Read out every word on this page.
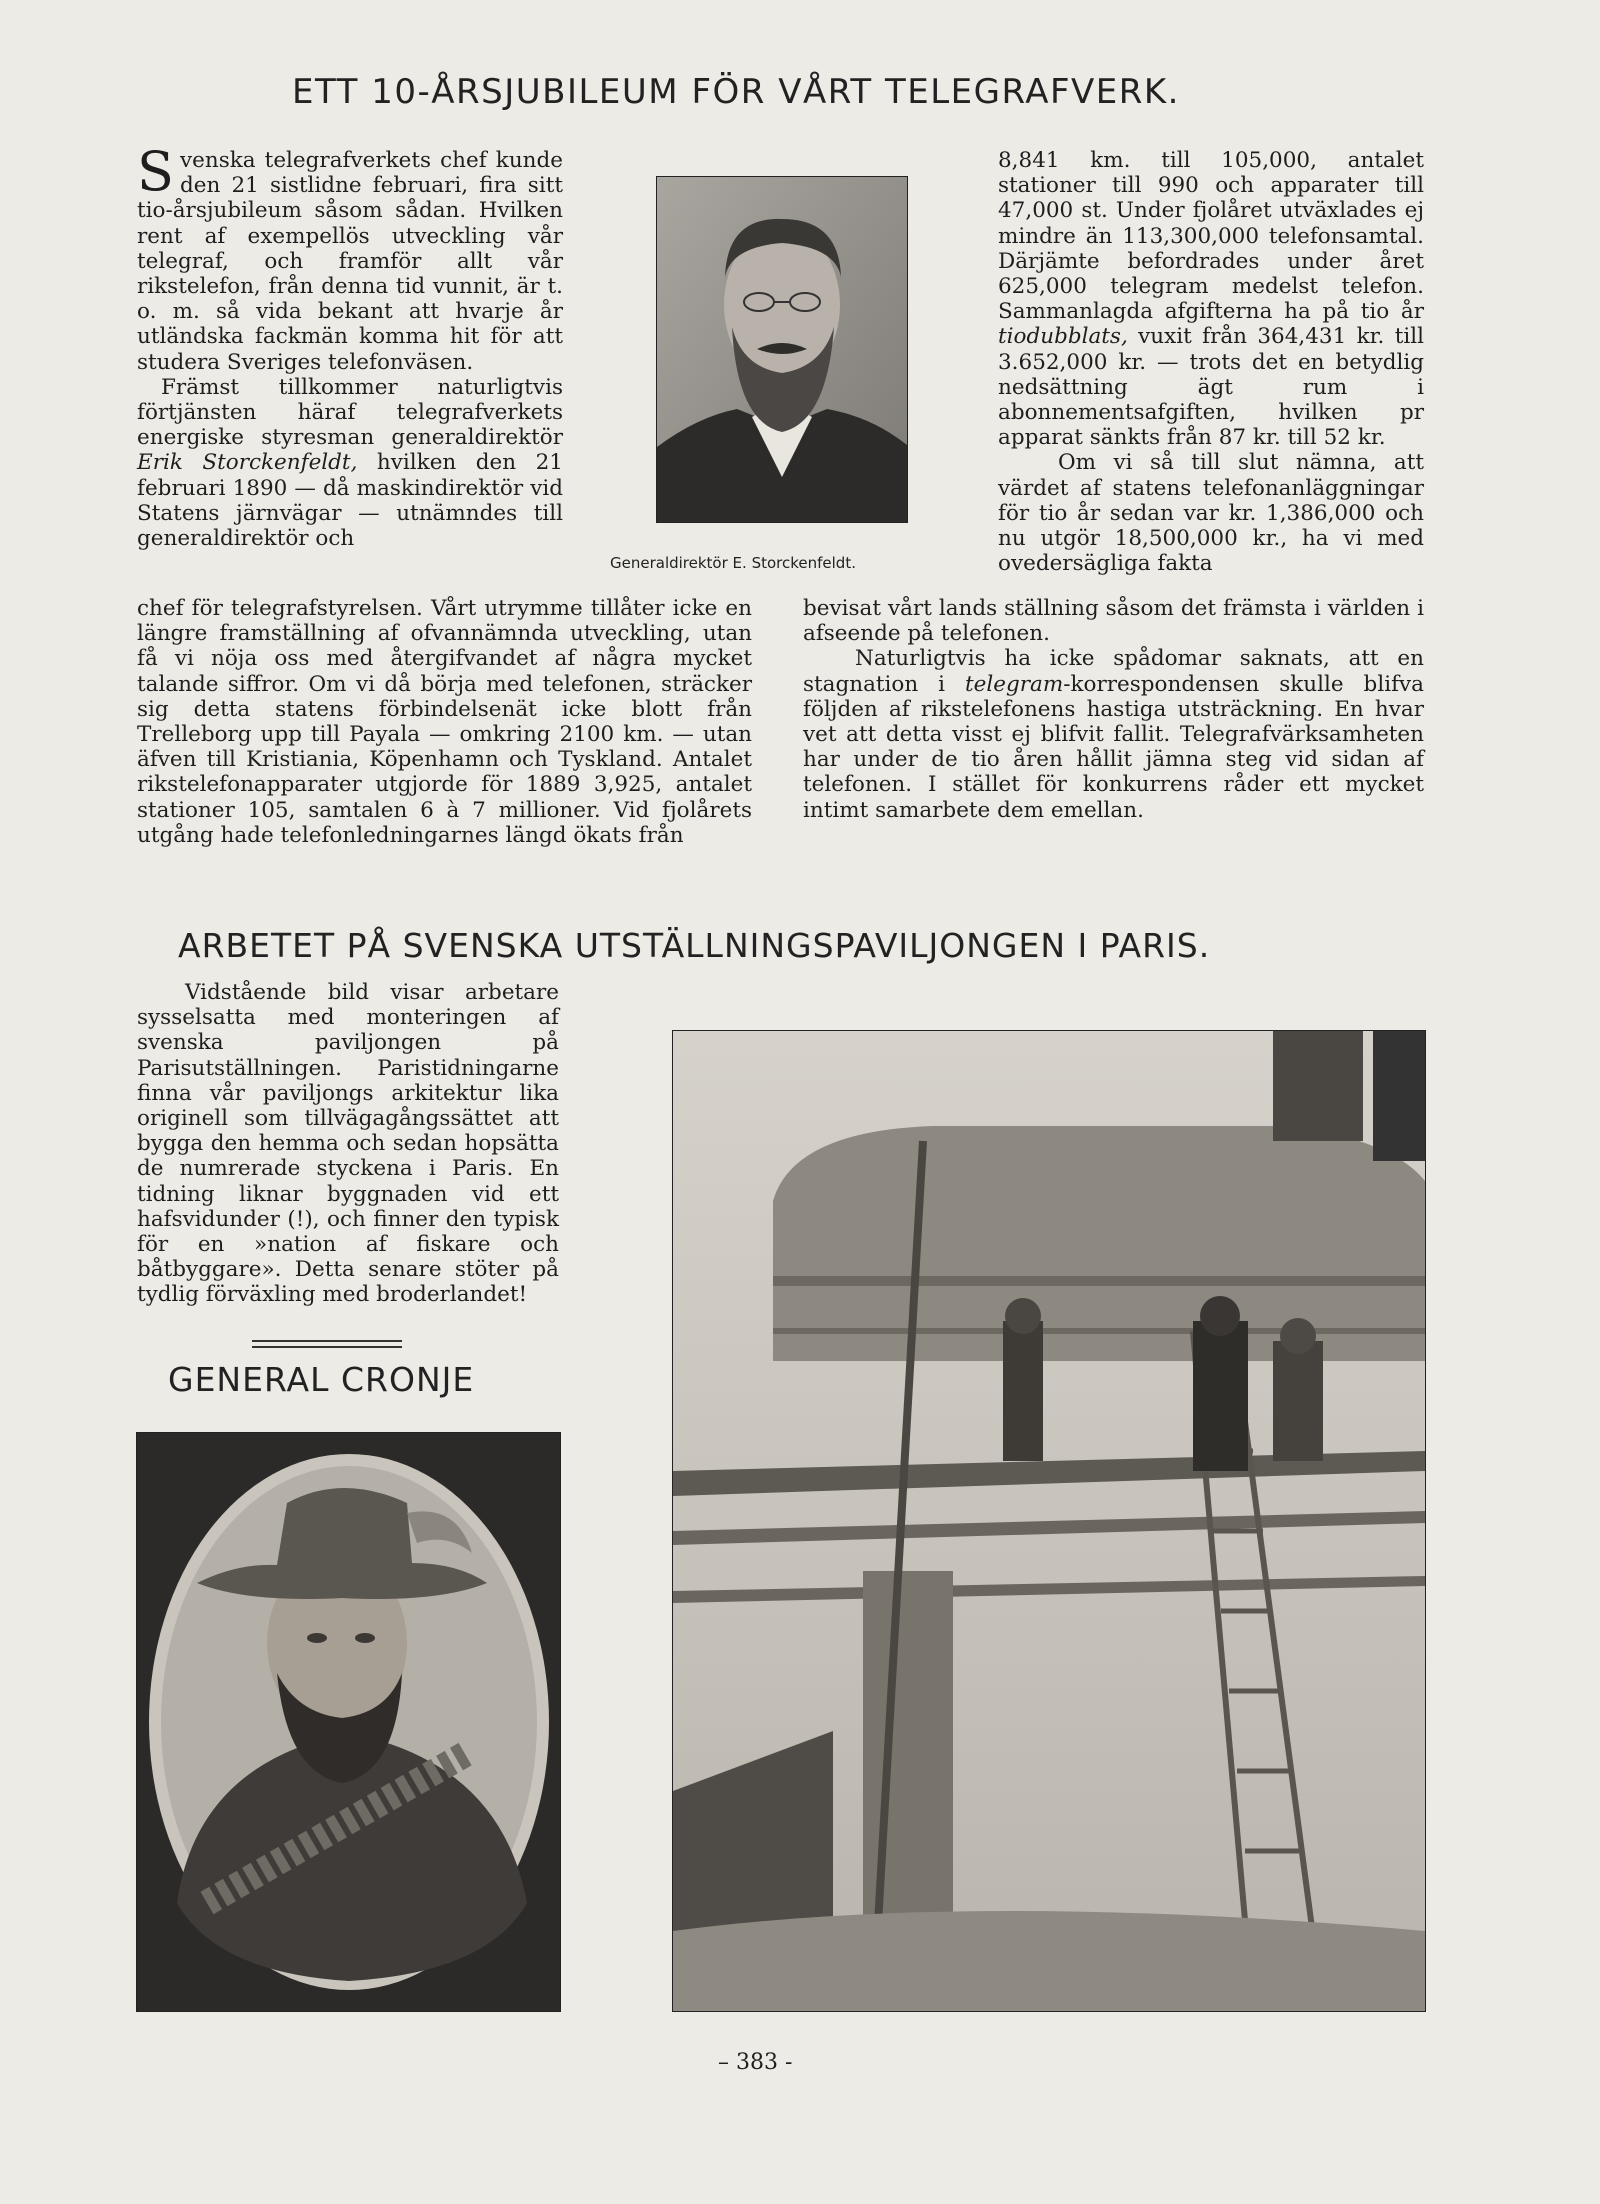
ETT 10-ÅRSJUBILEUM FÖR VÅRT TELEGRAFVERK.
Svenska telegrafverkets chef kunde den 21 sistlidne februari, fira sitt tio-årsjubileum såsom sådan. Hvilken rent af exempellös utveckling vår telegraf, och framför allt vår rikstelefon, från denna tid vunnit, är t. o. m. så vida bekant att hvarje år utländska fackmän komma hit för att studera Sveriges telefonväsen.
Främst tillkommer naturligtvis förtjänsten häraf telegrafverkets energiske styresman generaldirektör Erik Storckenfeldt, hvilken den 21 februari 1890 — då maskindirektör vid Statens järnvägar — utnämndes till generaldirektör och
chef för telegrafstyrelsen. Vårt utrymme tillåter icke en längre framställning af ofvannämnda utveckling, utan få vi nöja oss med återgifvandet af några mycket talande siffror. Om vi då börja med telefonen, sträcker sig detta statens förbindelsenät icke blott från Trelleborg upp till Payala — omkring 2100 km. — utan äfven till Kristiania, Köpenhamn och Tyskland. Antalet rikstelefonapparater utgjorde för 1889 3,925, antalet stationer 105, samtalen 6 à 7 millioner. Vid fjolårets utgång hade telefonledningarnes längd ökats från
Generaldirektör E. Storckenfeldt.
8,841 km. till 105,000, antalet stationer till 990 och apparater till 47,000 st. Under fjolåret utväxlades ej mindre än 113,300,000 telefonsamtal. Därjämte befordrades under året 625,000 telegram medelst telefon. Sammanlagda afgifterna ha på tio år tiodubblats, vuxit från 364,431 kr. till 3.652,000 kr. — trots det en betydlig nedsättning ägt rum i abonnementsafgiften, hvilken pr apparat sänkts från 87 kr. till 52 kr.
Om vi så till slut nämna, att värdet af statens telefonanläggningar för tio år sedan var kr. 1,386,000 och nu utgör 18,500,000 kr., ha vi med ovedersägliga fakta
bevisat vårt lands ställning såsom det främsta i världen i afseende på telefonen.
Naturligtvis ha icke spådomar saknats, att en stagnation i telegram-korrespondensen skulle blifva följden af rikstelefonens hastiga utsträckning. En hvar vet att detta visst ej blifvit fallit. Telegrafvärksamheten har under de tio åren hållit jämna steg vid sidan af telefonen. I stället för konkurrens råder ett mycket intimt samarbete dem emellan.
ARBETET PÅ SVENSKA UTSTÄLLNINGSPAVILJONGEN I PARIS.
Vidstående bild visar arbetare sysselsatta med monteringen af svenska paviljongen på Parisutställningen. Paristidningarne finna vår paviljongs arkitektur lika originell som tillvägagångssättet att bygga den hemma och sedan hopsätta de numrerade styckena i Paris. En tidning liknar byggnaden vid ett hafsvidunder (!), och finner den typisk för en »nation af fiskare och båtbyggare». Detta senare stöter på tydlig förväxling med broderlandet!
GENERAL CRONJE
– 383 -
